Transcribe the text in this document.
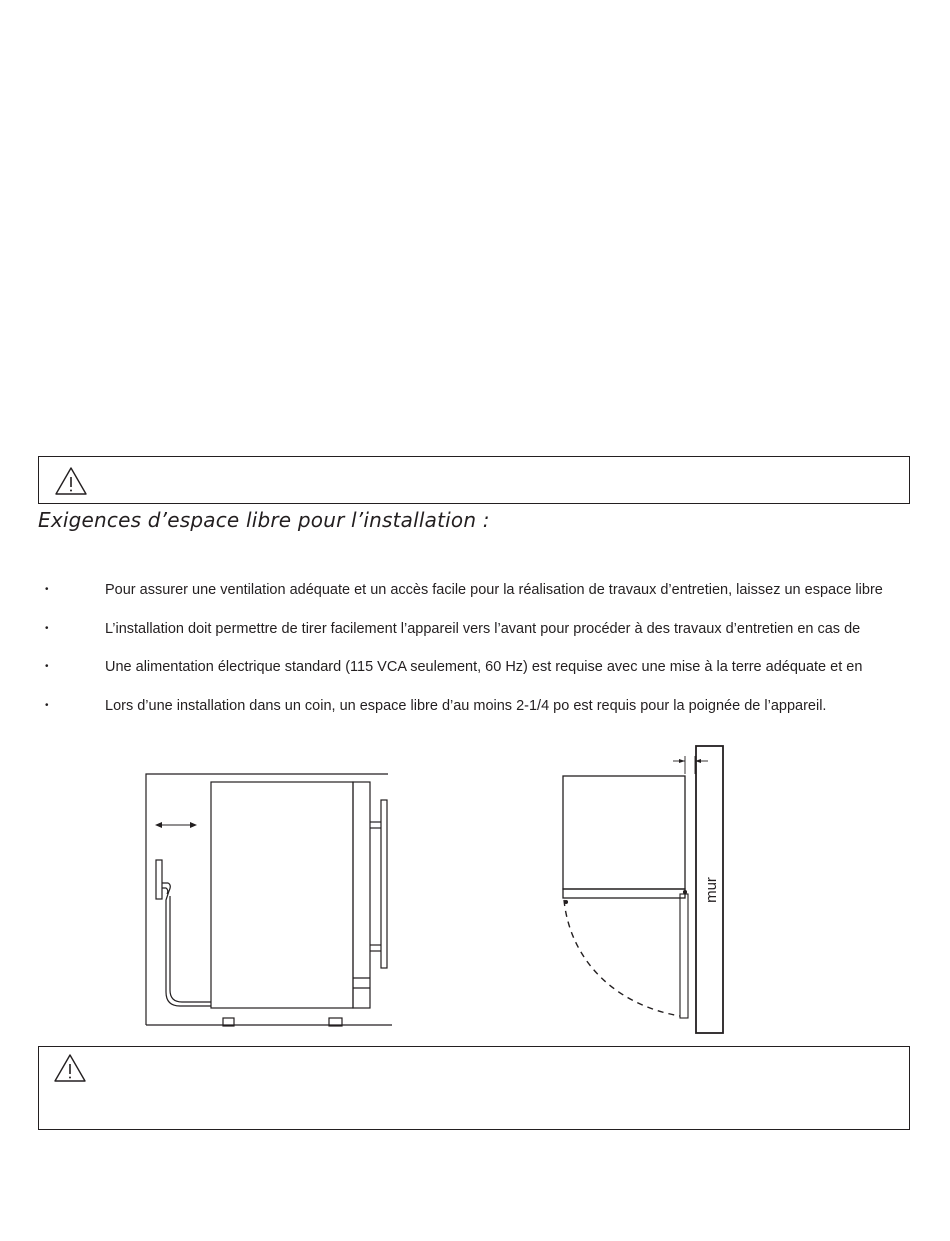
Exigences d’espace libre pour l’installation :
•	Pour assurer une ventilation adéquate et un accès facile pour la réalisation de travaux d’entretien, laissez un espace libre
•	L’installation doit permettre de tirer facilement l’appareil vers l’avant pour procéder à des travaux d’entretien en cas de
•	Une alimentation électrique standard (115 VCA seulement, 60 Hz) est requise avec une mise à la terre adéquate et en
•	Lors d’une installation dans un coin, un espace libre d’au moins 2-1/4 po est requis pour la poignée de l’appareil.
mur
